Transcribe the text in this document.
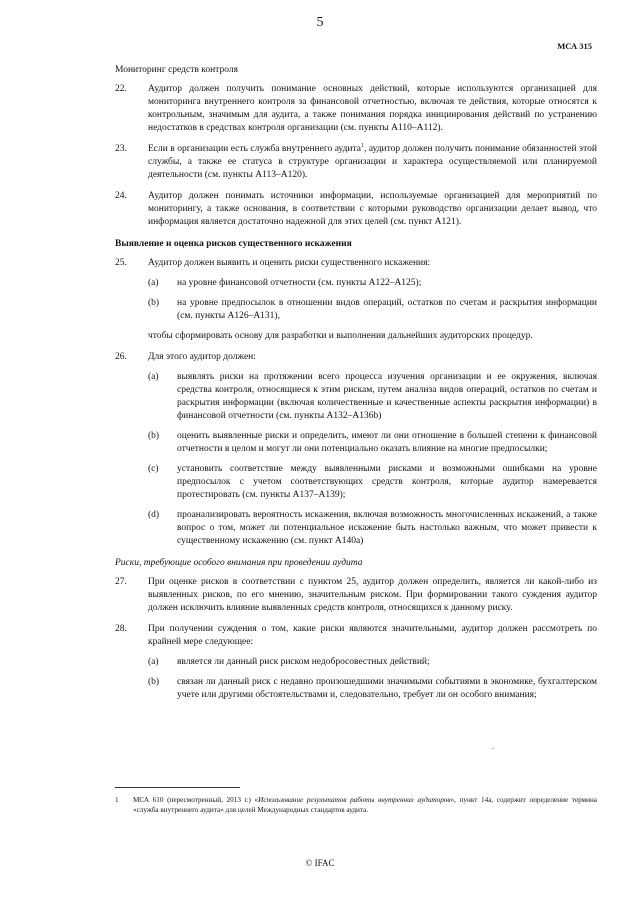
5
МСА 315
Мониторинг средств контроля
22. Аудитор должен получить понимание основных действий, которые используются организацией для мониторинга внутреннего контроля за финансовой отчетностью, включая те действия, которые относятся к контрольным, значимым для аудита, а также понимания порядка инициирования действий по устранению недостатков в средствах контроля организации (см. пункты A110–A112).
23. Если в организации есть служба внутреннего аудита$^1$, аудитор должен получить понимание обязанностей этой службы, а также ее статуса в структуре организации и характера осуществляемой или планируемой деятельности (см. пункты A113–A120).
24. Аудитор должен понимать источники информации, используемые организацией для мероприятий по мониторингу, а также основания, в соответствии с которыми руководство организации делает вывод, что информация является достаточно надежной для этих целей (см. пункт A121).
Выявление и оценка рисков существенного искажения
25. Аудитор должен выявить и оценить риски существенного искажения:
(a) на уровне финансовой отчетности (см. пункты A122–A125);
(b) на уровне предпосылок в отношении видов операций, остатков по счетам и раскрытия информации (см. пункты A126–A131),
чтобы сформировать основу для разработки и выполнения дальнейших аудиторских процедур.
26. Для этого аудитор должен:
(a) выявлять риски на протяжении всего процесса изучения организации и ее окружения, включая средства контроля, относящиеся к этим рискам, путем анализа видов операций, остатков по счетам и раскрытия информации (включая количественные и качественные аспекты раскрытия информации) в финансовой отчетности (см. пункты A132–A136b)
(b) оценить выявленные риски и определить, имеют ли они отношение в большей степени к финансовой отчетности в целом и могут ли они потенциально оказать влияние на многие предпосылки;
(c) установить соответствие между выявленными рисками и возможными ошибками на уровне предпосылок с учетом соответствующих средств контроля, которые аудитор намеревается протестировать (см. пункты A137–A139);
(d) проанализировать вероятность искажения, включая возможность многочисленных искажений, а также вопрос о том, может ли потенциальное искажение быть настолько важным, что может привести к существенному искажению (см. пункт A140a)
Риски, требующие особого внимания при проведении аудита
27. При оценке рисков в соответствии с пунктом 25, аудитор должен определить, является ли какой-либо из выявленных рисков, по его мнению, значительным риском. При формировании такого суждения аудитор должен исключить влияние выявленных средств контроля, относящихся к данному риску.
28. При получении суждения о том, какие риски являются значительными, аудитор должен рассмотреть по крайней мере следующее:
(a) является ли данный риск риском недобросовестных действий;
(b) связан ли данный риск с недавно произошедшими значимыми событиями в экономике, бухгалтерском учете или другими обстоятельствами и, следовательно, требует ли он особого внимания;
1	МСА 610 (пересмотренный, 2013 г.) «Использование результатов работы внутренних аудиторов», пункт 14a, содержит определение термина «служба внутреннего аудита» для целей Международных стандартов аудита.
© IFAC
